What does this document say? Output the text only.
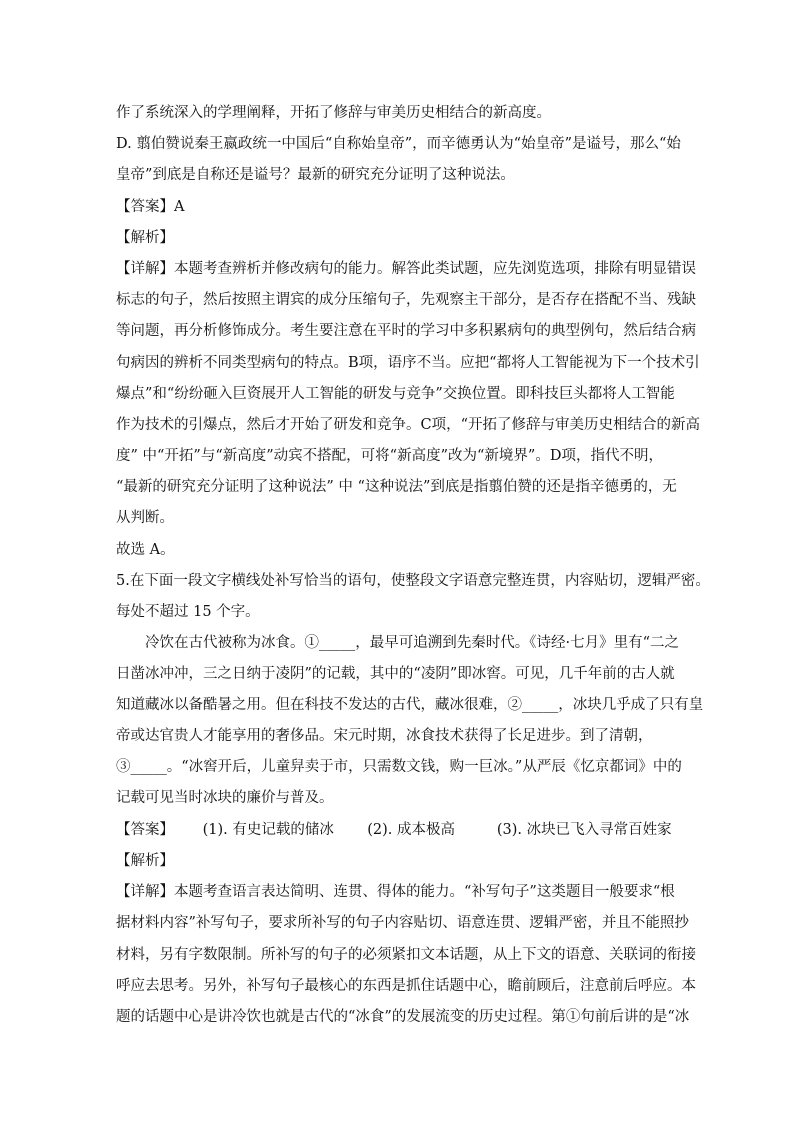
作了系统深入的学理阐释，开拓了修辞与审美历史相结合的新高度。
D. 翦伯赞说秦王嬴政统一中国后“自称始皇帝”，而辛德勇认为“始皇帝”是谥号，那么“始
皇帝”到底是自称还是谥号？最新的研究充分证明了这种说法。
【答案】A
【解析】
【详解】本题考查辨析并修改病句的能力。解答此类试题，应先浏览选项，排除有明显错误
标志的句子，然后按照主谓宾的成分压缩句子，先观察主干部分，是否存在搭配不当、残缺
等问题，再分析修饰成分。考生要注意在平时的学习中多积累病句的典型例句，然后结合病
句病因的辨析不同类型病句的特点。B项，语序不当。应把“都将人工智能视为下一个技术引
爆点”和“纷纷砸入巨资展开人工智能的研发与竞争”交换位置。即科技巨头都将人工智能
作为技术的引爆点，然后才开始了研发和竞争。C项，“开拓了修辞与审美历史相结合的新高
度” 中“开拓”与“新高度”动宾不搭配，可将“新高度”改为“新境界”。D项，指代不明，
“最新的研究充分证明了这种说法” 中 “这种说法”到底是指翦伯赞的还是指辛德勇的，无
从判断。
故选 A。
5.在下面一段文字横线处补写恰当的语句，使整段文字语意完整连贯，内容贴切，逻辑严密。
每处不超过 15 个字。
冷饮在古代被称为冰食。①_____，最早可追溯到先秦时代。《诗经·七月》里有“二之
日凿冰冲冲，三之日纳于凌阴”的记载，其中的“凌阴”即冰窖。可见，几千年前的古人就
知道藏冰以备酷暑之用。但在科技不发达的古代，藏冰很难，②_____，冰块几乎成了只有皇
帝或达官贵人才能享用的奢侈品。宋元时期，冰食技术获得了长足进步。到了清朝，
③_____。“冰窖开后，儿童舁卖于市，只需数文钱，购一巨冰。”从严辰《忆京都词》中的
记载可见当时冰块的廉价与普及。
【答案】 (1). 有史记载的储冰 (2). 成本极高	(3). 冰块已飞入寻常百姓家
【解析】
【详解】本题考查语言表达简明、连贯、得体的能力。“补写句子”这类题目一般要求“根
据材料内容”补写句子，要求所补写的句子内容贴切、语意连贯、逻辑严密，并且不能照抄
材料，另有字数限制。所补写的句子的必须紧扣文本话题，从上下文的语意、关联词的衔接
呼应去思考。另外，补写句子最核心的东西是抓住话题中心，瞻前顾后，注意前后呼应。本
题的话题中心是讲冷饮也就是古代的“冰食”的发展流变的历史过程。第①句前后讲的是“冰
